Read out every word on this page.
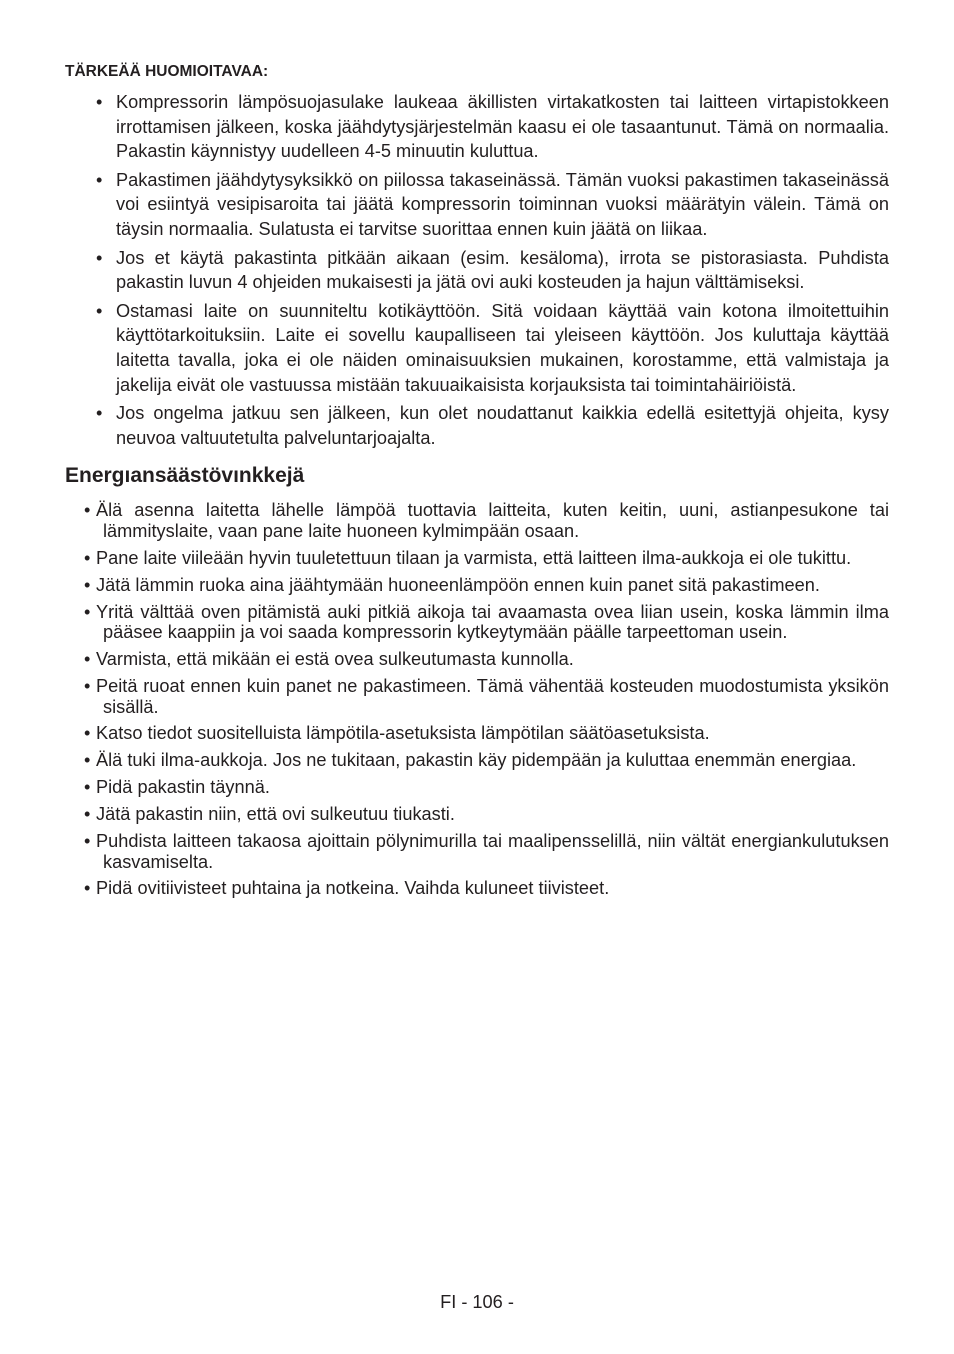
TÄRKEÄÄ HUOMIOITAVAA:
• Kompressorin lämpösuojasulake laukeaa äkillisten virtakatkosten tai laitteen virtapistokkeen irrottamisen jälkeen, koska jäähdytysjärjestelmän kaasu ei ole tasaantunut. Tämä on normaalia. Pakastin käynnistyy uudelleen 4-5 minuutin kuluttua.
• Pakastimen jäähdytysyksikkö on piilossa takaseinässä. Tämän vuoksi pakastimen takaseinässä voi esiintyä vesipisaroita tai jäätä kompressorin toiminnan vuoksi määrätyin välein. Tämä on täysin normaalia. Sulatusta ei tarvitse suorittaa ennen kuin jäätä on liikaa.
• Jos et käytä pakastinta pitkään aikaan (esim. kesäloma), irrota se pistorasiasta. Puhdista pakastin luvun 4 ohjeiden mukaisesti ja jätä ovi auki kosteuden ja hajun välttämiseksi.
• Ostamasi laite on suunniteltu kotikäyttöön. Sitä voidaan käyttää vain kotona ilmoitettuihin käyttötarkoituksiin. Laite ei sovellu kaupalliseen tai yleiseen käyttöön. Jos kuluttaja käyttää laitetta tavalla, joka ei ole näiden ominaisuuksien mukainen, korostamme, että valmistaja ja jakelija eivät ole vastuussa mistään takuuaikaisista korjauksista tai toimintahäiriöistä.
• Jos ongelma jatkuu sen jälkeen, kun olet noudattanut kaikkia edellä esitettyjä ohjeita, kysy neuvoa valtuutetulta palveluntarjoajalta.
Energıansäästövınkkejä
• Älä asenna laitetta lähelle lämpöä tuottavia laitteita, kuten keitin, uuni, astianpesukone tai lämmityslaite, vaan pane laite huoneen kylmimpään osaan.
• Pane laite viileään hyvin tuuletettuun tilaan ja varmista, että laitteen ilma-aukkoja ei ole tukittu.
• Jätä lämmin ruoka aina jäähtymään huoneenlämpöön ennen kuin panet sitä pakastimeen.
• Yritä välttää oven pitämistä auki pitkiä aikoja tai avaamasta ovea liian usein, koska lämmin ilma pääsee kaappiin ja voi saada kompressorin kytkeytymään päälle tarpeettoman usein.
• Varmista, että mikään ei estä ovea sulkeutumasta kunnolla.
• Peitä ruoat ennen kuin panet ne pakastimeen. Tämä vähentää kosteuden muodostumista yksikön sisällä.
• Katso tiedot suositelluista lämpötila-asetuksista lämpötilan säätöasetuksista.
• Älä tuki ilma-aukkoja. Jos ne tukitaan, pakastin käy pidempään ja kuluttaa enemmän energiaa.
• Pidä pakastin täynnä.
• Jätä pakastin niin, että ovi sulkeutuu tiukasti.
• Puhdista laitteen takaosa ajoittain pölynimurilla tai maalipensselillä, niin vältät energiankulutuksen kasvamiselta.
• Pidä ovitiivisteet puhtaina ja notkeina. Vaihda kuluneet tiivisteet.
FI - 106 -
